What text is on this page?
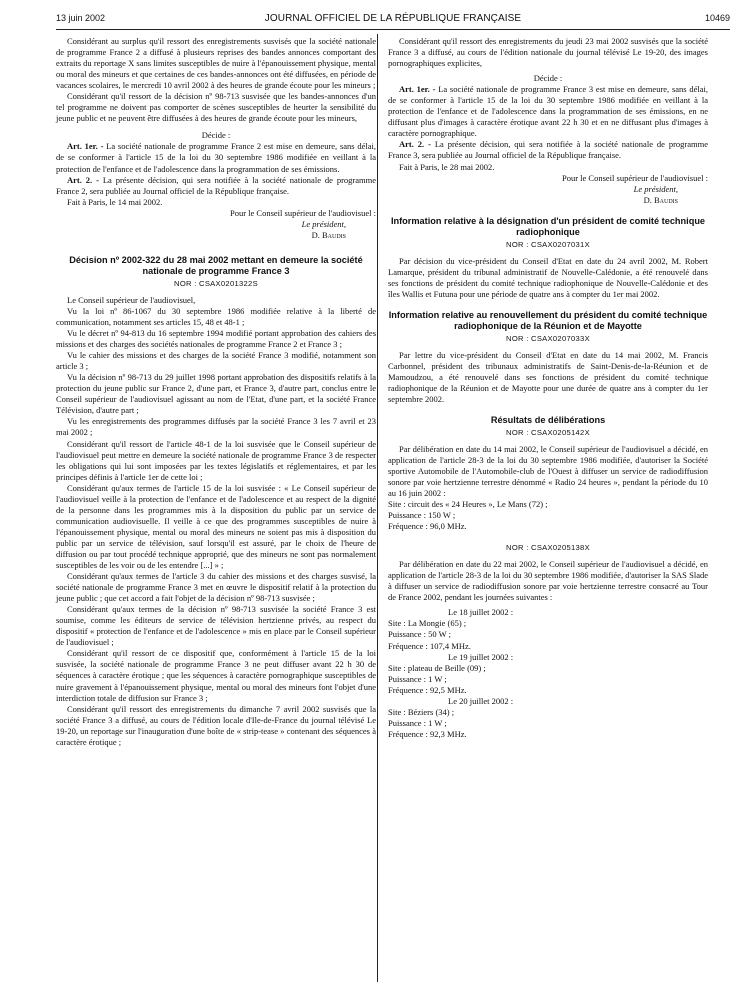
13 juin 2002	JOURNAL OFFICIEL DE LA RÉPUBLIQUE FRANÇAISE	10469

Considérant au surplus qu'il ressort des enregistrements susvisés que la société nationale de programme France 2 a diffusé à plusieurs reprises des bandes annonces comportant des extraits du reportage X sans limites susceptibles de nuire à l'épanouissement physique, mental ou moral des mineurs et que certaines de ces bandes-annonces ont été diffusées, en période de vacances scolaires, le mercredi 10 avril 2002 à des heures de grande écoute pour les mineurs ;

Considérant qu'il ressort de la décision nº 98-713 susvisée que les bandes-annonces d'un tel programme ne doivent pas comporter de scènes susceptibles de heurter la sensibilité du jeune public et ne peuvent être diffusées à des heures de grande écoute pour les mineurs,

Décide :

Art. 1er. - La société nationale de programme France 2 est mise en demeure, sans délai, de se conformer à l'article 15 de la loi du 30 septembre 1986 modifiée en veillant à la protection de l'enfance et de l'adolescence dans la programmation de ses émissions.

Art. 2. - La présente décision, qui sera notifiée à la société nationale de programme France 2, sera publiée au Journal officiel de la République française.

Fait à Paris, le 14 mai 2002.

Pour le Conseil supérieur de l'audiovisuel :

Le président,

D. Baudis

Décision nº 2002-322 du 28 mai 2002 mettant en demeure la société nationale de programme France 3

NOR : CSAX0201322S

Le Conseil supérieur de l'audiovisuel,

Vu la loi nº 86-1067 du 30 septembre 1986 modifiée relative à la liberté de communication, notamment ses articles 15, 48 et 48-1 ;

Vu le décret nº 94-813 du 16 septembre 1994 modifié portant approbation des cahiers des missions et des charges des sociétés nationales de programme France 2 et France 3 ;

Vu le cahier des missions et des charges de la société France 3 modifié, notamment son article 3 ;

Vu la décision nº 98-713 du 29 juillet 1998 portant approbation des dispositifs relatifs à la protection du jeune public sur France 2, d'une part, et France 3, d'autre part, conclus entre le Conseil supérieur de l'audiovisuel agissant au nom de l'Etat, d'une part, et la société France Télévision, d'autre part ;

Vu les enregistrements des programmes diffusés par la société France 3 les 7 avril et 23 mai 2002 ;

Considérant qu'il ressort de l'article 48-1 de la loi susvisée que le Conseil supérieur de l'audiovisuel peut mettre en demeure la société nationale de programme France 3 de respecter les obligations qui lui sont imposées par les textes législatifs et réglementaires, et par les principes définis à l'article 1er de cette loi ;

Considérant qu'aux termes de l'article 15 de la loi susvisée : « Le Conseil supérieur de l'audiovisuel veille à la protection de l'enfance et de l'adolescence et au respect de la dignité de la personne dans les programmes mis à la disposition du public par un service de communication audiovisuelle. Il veille à ce que des programmes susceptibles de nuire à l'épanouissement physique, mental ou moral des mineurs ne soient pas mis à disposition du public par un service de télévision, sauf lorsqu'il est assuré, par le choix de l'heure de diffusion ou par tout procédé technique approprié, que des mineurs ne sont pas normalement susceptibles de les voir ou de les entendre [...] » ;

Considérant qu'aux termes de l'article 3 du cahier des missions et des charges susvisé, la société nationale de programme France 3 met en œuvre le dispositif relatif à la protection du jeune public ; que cet accord a fait l'objet de la décision nº 98-713 susvisée ;

Considérant qu'aux termes de la décision nº 98-713 susvisée la société France 3 est soumise, comme les éditeurs de service de télévision hertzienne privés, au respect du dispositif « protection de l'enfance et de l'adolescence » mis en place par le Conseil supérieur de l'audiovisuel ;

Considérant qu'il ressort de ce dispositif que, conformément à l'article 15 de la loi susvisée, la société nationale de programme France 3 ne peut diffuser avant 22 h 30 de séquences à caractère érotique ; que les séquences à caractère pornographique susceptibles de nuire gravement à l'épanouissement physique, mental ou moral des mineurs font l'objet d'une interdiction totale de diffusion sur France 3 ;

Considérant qu'il ressort des enregistrements du dimanche 7 avril 2002 susvisés que la société France 3 a diffusé, au cours de l'édition locale d'Ile-de-France du journal télévisé Le 19-20, un reportage sur l'inauguration d'une boîte de « strip-tease » contenant des séquences à caractère érotique ;

Considérant qu'il ressort des enregistrements du jeudi 23 mai 2002 susvisés que la société France 3 a diffusé, au cours de l'édition nationale du journal télévisé Le 19-20, des images pornographiques explicites,

Décide :

Art. 1er. - La société nationale de programme France 3 est mise en demeure, sans délai, de se conformer à l'article 15 de la loi du 30 septembre 1986 modifiée en veillant à la protection de l'enfance et de l'adolescence dans la programmation de ses émissions, en ne diffusant plus d'images à caractère érotique avant 22 h 30 et en ne diffusant plus d'images à caractère pornographique.

Art. 2. - La présente décision, qui sera notifiée à la société nationale de programme France 3, sera publiée au Journal officiel de la République française.

Fait à Paris, le 28 mai 2002.

Pour le Conseil supérieur de l'audiovisuel :

Le président,

D. Baudis

Information relative à la désignation d'un président de comité technique radiophonique

NOR : CSAX0207031X

Par décision du vice-président du Conseil d'Etat en date du 24 avril 2002, M. Robert Lamarque, président du tribunal administratif de Nouvelle-Calédonie, a été renouvelé dans ses fonctions de président du comité technique radiophonique de Nouvelle-Calédonie et des îles Wallis et Futuna pour une période de quatre ans à compter du 1er mai 2002.

Information relative au renouvellement du président du comité technique radiophonique de la Réunion et de Mayotte

NOR : CSAX0207033X

Par lettre du vice-président du Conseil d'Etat en date du 14 mai 2002, M. Francis Carbonnel, président des tribunaux administratifs de Saint-Denis-de-la-Réunion et de Mamoudzou, a été renouvelé dans ses fonctions de président du comité technique radiophonique de la Réunion et de Mayotte pour une durée de quatre ans à compter du 1er septembre 2002.

Résultats de délibérations

NOR : CSAX0205142X

Par délibération en date du 14 mai 2002, le Conseil supérieur de l'audiovisuel a décidé, en application de l'article 28-3 de la loi du 30 septembre 1986 modifiée, d'autoriser la Société sportive Automobile de l'Automobile-club de l'Ouest à diffuser un service de radiodiffusion sonore par voie hertzienne terrestre dénommé « Radio 24 heures », pendant la période du 10 au 16 juin 2002 :

Site : circuit des « 24 Heures », Le Mans (72) ;

Puissance : 150 W ;

Fréquence : 96,0 MHz.

NOR : CSAX0205138X

Par délibération en date du 22 mai 2002, le Conseil supérieur de l'audiovisuel a décidé, en application de l'article 28-3 de la loi du 30 septembre 1986 modifiée, d'autoriser la SAS Slade à diffuser un service de radiodiffusion sonore par voie hertzienne terrestre consacré au Tour de France 2002, pendant les journées suivantes :

Le 18 juillet 2002 :

Site : La Mongie (65) ;

Puissance : 50 W ;

Fréquence : 107,4 MHz.

Le 19 juillet 2002 :

Site : plateau de Beille (09) ;

Puissance : 1 W ;

Fréquence : 92,5 MHz.

Le 20 juillet 2002 :

Site : Béziers (34) ;

Puissance : 1 W ;

Fréquence : 92,3 MHz.
